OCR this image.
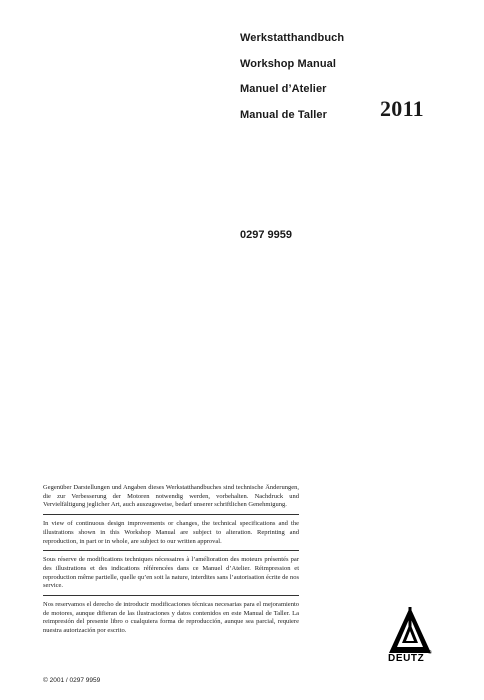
Werkstatthandbuch
Workshop Manual
Manuel d’Atelier
Manual de Taller	2011
0297 9959
Gegenüber Darstellungen und Angaben dieses Werkstatthandbuches sind technische Änderungen, die zur Verbesserung der Motoren notwendig werden, vorbehalten. Nachdruck und Vervielfältigung jeglicher Art, auch auszugsweise, bedarf unserer schriftlichen Genehmigung.
In view of continuous design improvements or changes, the technical specifications and the illustrations shown in this Workshop Manual are subject to alteration. Reprinting and reproduction, in part or in whole, are subject to our written approval.
Sous réserve de modifications techniques nécessaires à l’amélioration des moteurs présentés par des illustrations et des indications référencées dans ce Manuel d’Atelier. Réimpression et reproduction même partielle, quelle qu’en soit la nature, interdites sans l’autorisation écrite de nos service.
Nos reservamos el derecho de introducir modificaciones técnicas necesarias para el mejoramiento de motores, aunque difieran de las ilustraciones y datos contenidos en este Manual de Taller. La reimpresión del presente libro o cualquiera forma de reproducción, aunque sea parcial, requiere nuestra autorización por escrito.
© 2001 / 0297 9959
DEUTZ ®
